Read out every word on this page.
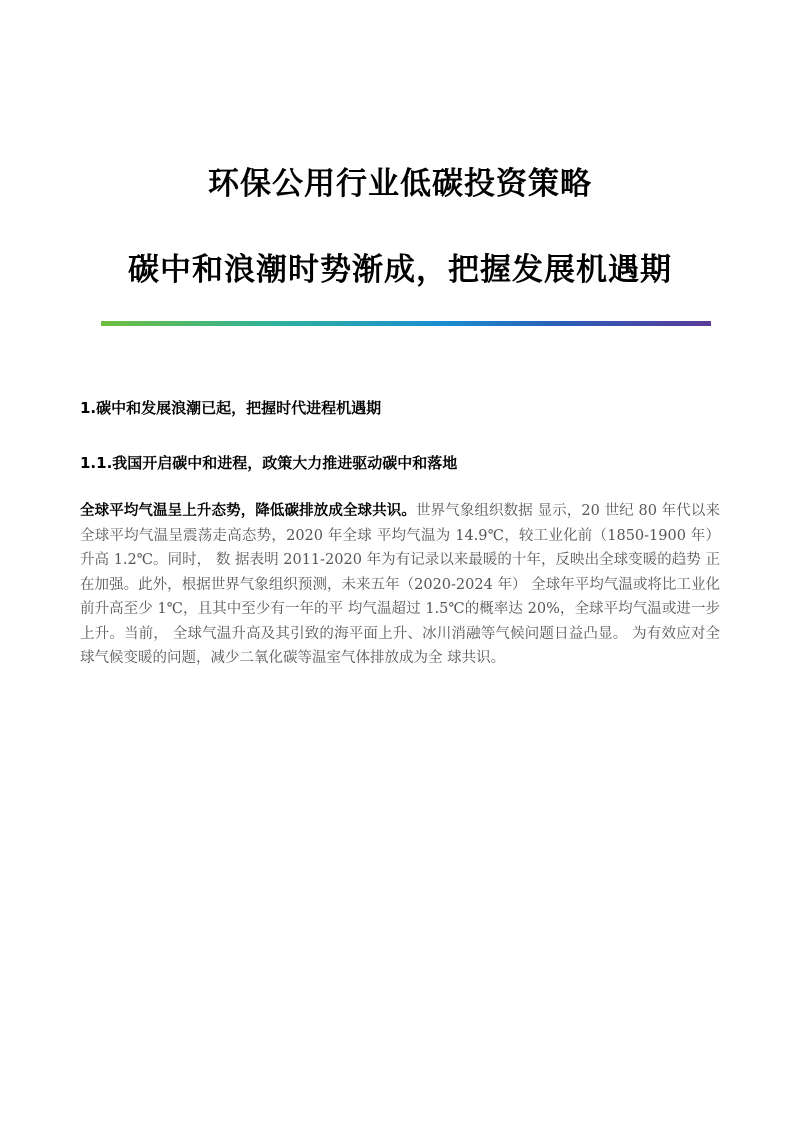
环保公用行业低碳投资策略
碳中和浪潮时势渐成，把握发展机遇期
1.碳中和发展浪潮已起，把握时代进程机遇期
1.1.我国开启碳中和进程，政策大力推进驱动碳中和落地
全球平均气温呈上升态势，降低碳排放成全球共识。世界气象组织数据 显示，20 世纪 80 年代以来全球平均气温呈震荡走高态势，2020 年全球 平均气温为 14.9℃，较工业化前（1850-1900 年）升高 1.2℃。同时， 数 据表明 2011-2020 年为有记录以来最暖的十年，反映出全球变暖的趋势 正在加强。此外，根据世界气象组织预测，未来五年（2020-2024 年） 全球年平均气温或将比工业化前升高至少 1℃，且其中至少有一年的平 均气温超过 1.5℃的概率达 20%，全球平均气温或进一步上升。当前， 全球气温升高及其引致的海平面上升、冰川消融等气候问题日益凸显。 为有效应对全球气候变暖的问题，减少二氧化碳等温室气体排放成为全 球共识。
